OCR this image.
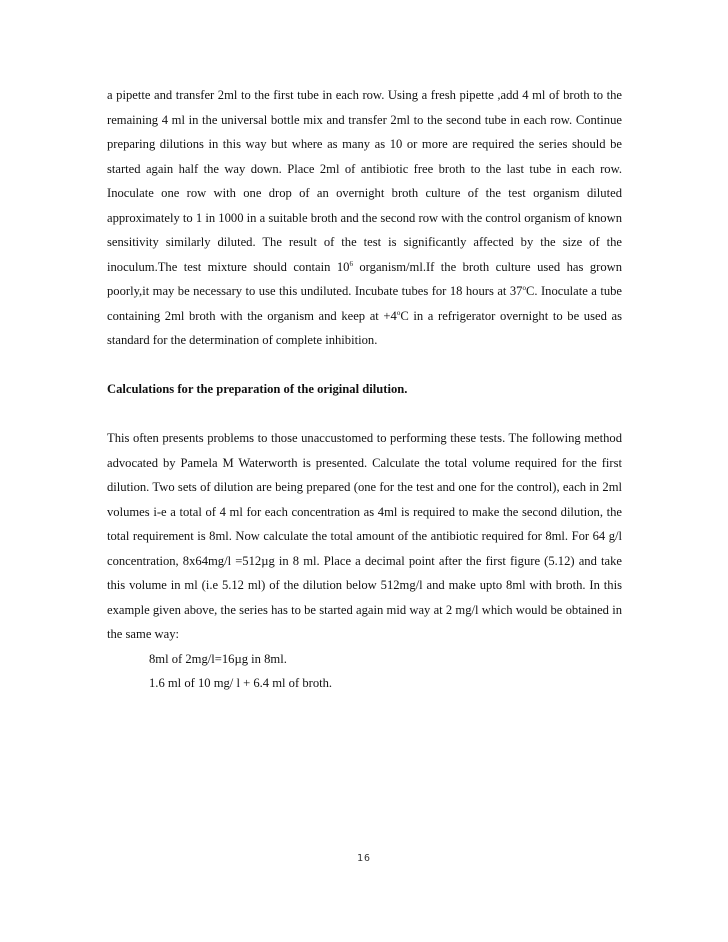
a pipette and transfer 2ml to the first tube in each row. Using a fresh pipette ,add 4 ml of broth to the remaining 4 ml in the universal bottle mix and transfer 2ml to the second tube in each row. Continue preparing dilutions in this way but where as many as 10 or more are required the series should be started again half the way down. Place 2ml of antibiotic free broth to the last tube in each row. Inoculate one row with one drop of an overnight broth culture of the test organism diluted approximately to 1 in 1000 in a suitable broth and the second row with the control organism of known sensitivity similarly diluted. The result of the test is significantly affected by the size of the inoculum.The test mixture should contain $10^6$ organism/ml.If the broth culture used has grown poorly,it may be necessary to use this undiluted. Incubate tubes for 18 hours at 37$^o$C. Inoculate a tube containing 2ml broth with the organism and keep at $+4^oC$ in a refrigerator overnight to be used as standard for the determination of complete inhibition.

Calculations for the preparation of the original dilution.

This often presents problems to those unaccustomed to performing these tests. The following method advocated by Pamela M Waterworth is presented. Calculate the total volume required for the first dilution. Two sets of dilution are being prepared (one for the test and one for the control), each in 2ml volumes i-e a total of 4 ml for each concentration as 4ml is required to make the second dilution, the total requirement is 8ml. Now calculate the total amount of the antibiotic required for 8ml. For 64 g/l concentration, 8x64mg/l =512µg in 8 ml. Place a decimal point after the first figure (5.12) and take this volume in ml (i.e 5.12 ml) of the dilution below 512mg/l and make upto 8ml with broth. In this example given above, the series has to be started again mid way at 2 mg/l which would be obtained in the same way:

8ml of 2mg/l=16µg in 8ml.

1.6 ml of 10 mg/ l + 6.4 ml of broth.

16
